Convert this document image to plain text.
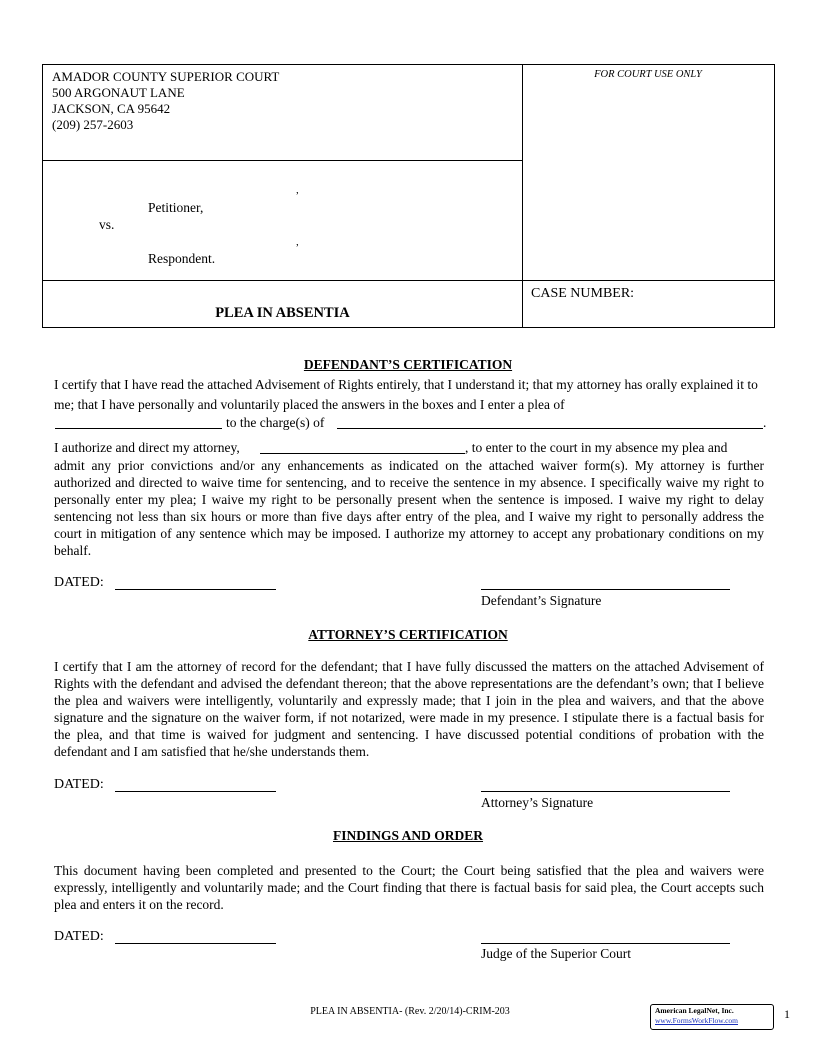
AMADOR COUNTY SUPERIOR COURT
500 ARGONAUT LANE
JACKSON, CA 95642
(209) 257-2603
FOR COURT USE ONLY
,
Petitioner,
vs.
,
Respondent.
PLEA IN ABSENTIA
CASE NUMBER:
DEFENDANT’S CERTIFICATION
I certify that I have read the attached Advisement of Rights entirely, that I understand it; that my attorney has orally explained it to me; that I have personally and voluntarily placed the answers in the boxes and I enter a plea of
to the charge(s) of	.
I authorize and direct my attorney,	, to enter to the court in my absence my plea and
admit any prior convictions and/or any enhancements as indicated on the attached waiver form(s). My attorney is further authorized and directed to waive time for sentencing, and to receive the sentence in my absence. I specifically waive my right to personally enter my plea; I waive my right to be personally present when the sentence is imposed. I waive my right to delay sentencing not less than six hours or more than five days after entry of the plea, and I waive my right to personally address the court in mitigation of any sentence which may be imposed. I authorize my attorney to accept any probationary conditions on my behalf.
DATED:
Defendant’s Signature
ATTORNEY’S CERTIFICATION
I certify that I am the attorney of record for the defendant; that I have fully discussed the matters on the attached Advisement of Rights with the defendant and advised the defendant thereon; that the above representations are the defendant’s own; that I believe the plea and waivers were intelligently, voluntarily and expressly made; that I join in the plea and waivers, and that the above signature and the signature on the waiver form, if not notarized, were made in my presence. I stipulate there is a factual basis for the plea, and that time is waived for judgment and sentencing. I have discussed potential conditions of probation with the defendant and I am satisfied that he/she understands them.
DATED:
Attorney’s Signature
FINDINGS AND ORDER
This document having been completed and presented to the Court; the Court being satisfied that the plea and waivers were expressly, intelligently and voluntarily made; and the Court finding that there is factual basis for said plea, the Court accepts such plea and enters it on the record.
DATED:
Judge of the Superior Court
PLEA IN ABSENTIA- (Rev. 2/20/14)-CRIM-203	American LegalNet, Inc.
www.FormsWorkFlow.com	1
